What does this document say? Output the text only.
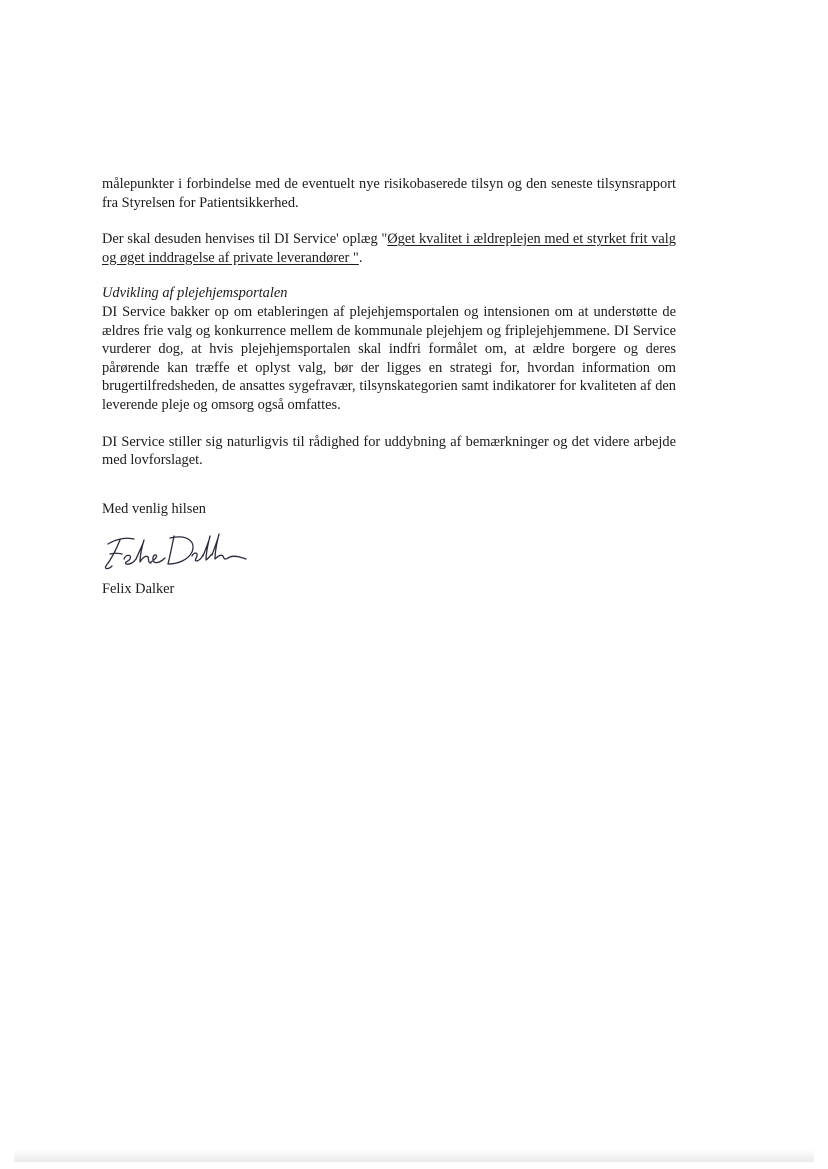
målepunkter i forbindelse med de eventuelt nye risikobaserede tilsyn og den seneste tilsynsrapport fra Styrelsen for Patientsikkerhed.

Der skal desuden henvises til DI Service' oplæg "Øget kvalitet i ældreplejen med et styrket frit valg og øget inddragelse af private leverandører ".

Udvikling af plejehjemsportalen

DI Service bakker op om etableringen af plejehjemsportalen og intensionen om at understøtte de ældres frie valg og konkurrence mellem de kommunale plejehjem og friplejehjemmene. DI Service vurderer dog, at hvis plejehjemsportalen skal indfri formålet om, at ældre borgere og deres pårørende kan træffe et oplyst valg, bør der ligges en strategi for, hvordan information om brugertilfredsheden, de ansattes sygefravær, tilsynskategorien samt indikatorer for kvaliteten af den leverende pleje og omsorg også omfattes.

DI Service stiller sig naturligvis til rådighed for uddybning af bemærkninger og det videre arbejde med lovforslaget.

Med venlig hilsen

Felix Dalker
